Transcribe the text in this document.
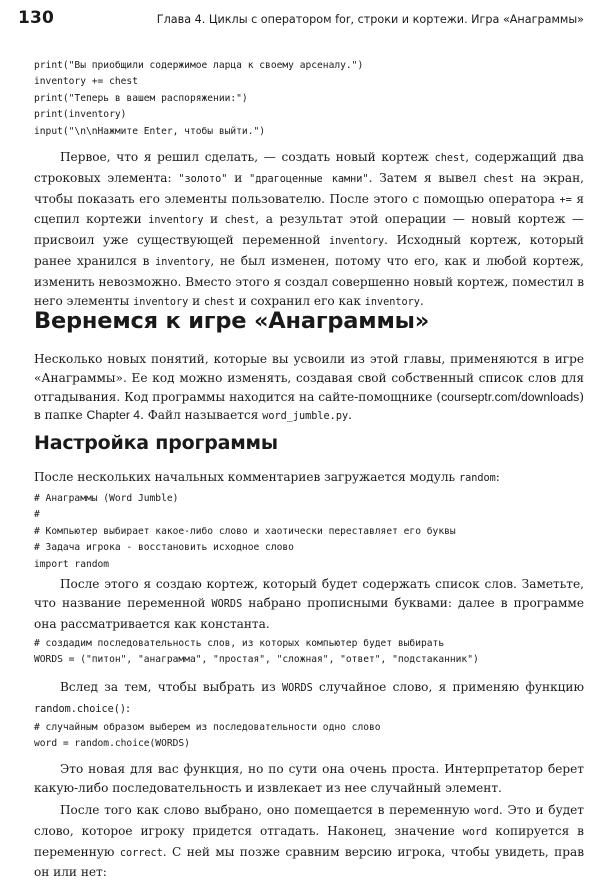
130	Глава 4. Циклы с оператором for, строки и кортежи. Игра «Анаграммы»
print("Вы приобщили содержимое ларца к своему арсеналу.")
inventory += chest
print("Теперь в вашем распоряжении:")
print(inventory)
input("\n\nНажмите Enter, чтобы выйти.")

Первое, что я решил сделать, — создать новый кортеж chest, содержащий два строковых элемента: "золото" и "драгоценные камни". Затем я вывел chest на экран, чтобы показать его элементы пользователю. После этого с помощью оператора += я сцепил кортежи inventory и chest, а результат этой операции — новый кортеж — присвоил уже существующей переменной inventory. Исходный кортеж, который ранее хранился в inventory, не был изменен, потому что его, как и любой кортеж, изменить невозможно. Вместо этого я создал совершенно новый кортеж, поместил в него элементы inventory и chest и сохранил его как inventory.

Вернемся к игре «Анаграммы»

Несколько новых понятий, которые вы усвоили из этой главы, применяются в игре «Анаграммы». Ее код можно изменять, создавая свой собственный список слов для отгадывания. Код программы находится на сайте-помощнике (courseptr.com/downloads) в папке Chapter 4. Файл называется word_jumble.py.

Настройка программы

После нескольких начальных комментариев загружается модуль random:

# Анаграммы (Word Jumble)
#
# Компьютер выбирает какое-либо слово и хаотически переставляет его буквы
# Задача игрока - восстановить исходное слово
import random

После этого я создаю кортеж, который будет содержать список слов. Заметьте, что название переменной WORDS набрано прописными буквами: далее в программе она рассматривается как константа.

# создадим последовательность слов, из которых компьютер будет выбирать
WORDS = ("питон", "анаграмма", "простая", "сложная", "ответ", "подстаканник")

Вслед за тем, чтобы выбрать из WORDS случайное слово, я применяю функцию random.choice():

# случайным образом выберем из последовательности одно слово
word = random.choice(WORDS)

Это новая для вас функция, но по сути она очень проста. Интерпретатор берет какую-либо последовательность и извлекает из нее случайный элемент.

После того как слово выбрано, оно помещается в переменную word. Это и будет слово, которое игроку придется отгадать. Наконец, значение word копируется в переменную correct. С ней мы позже сравним версию игрока, чтобы увидеть, прав он или нет:
